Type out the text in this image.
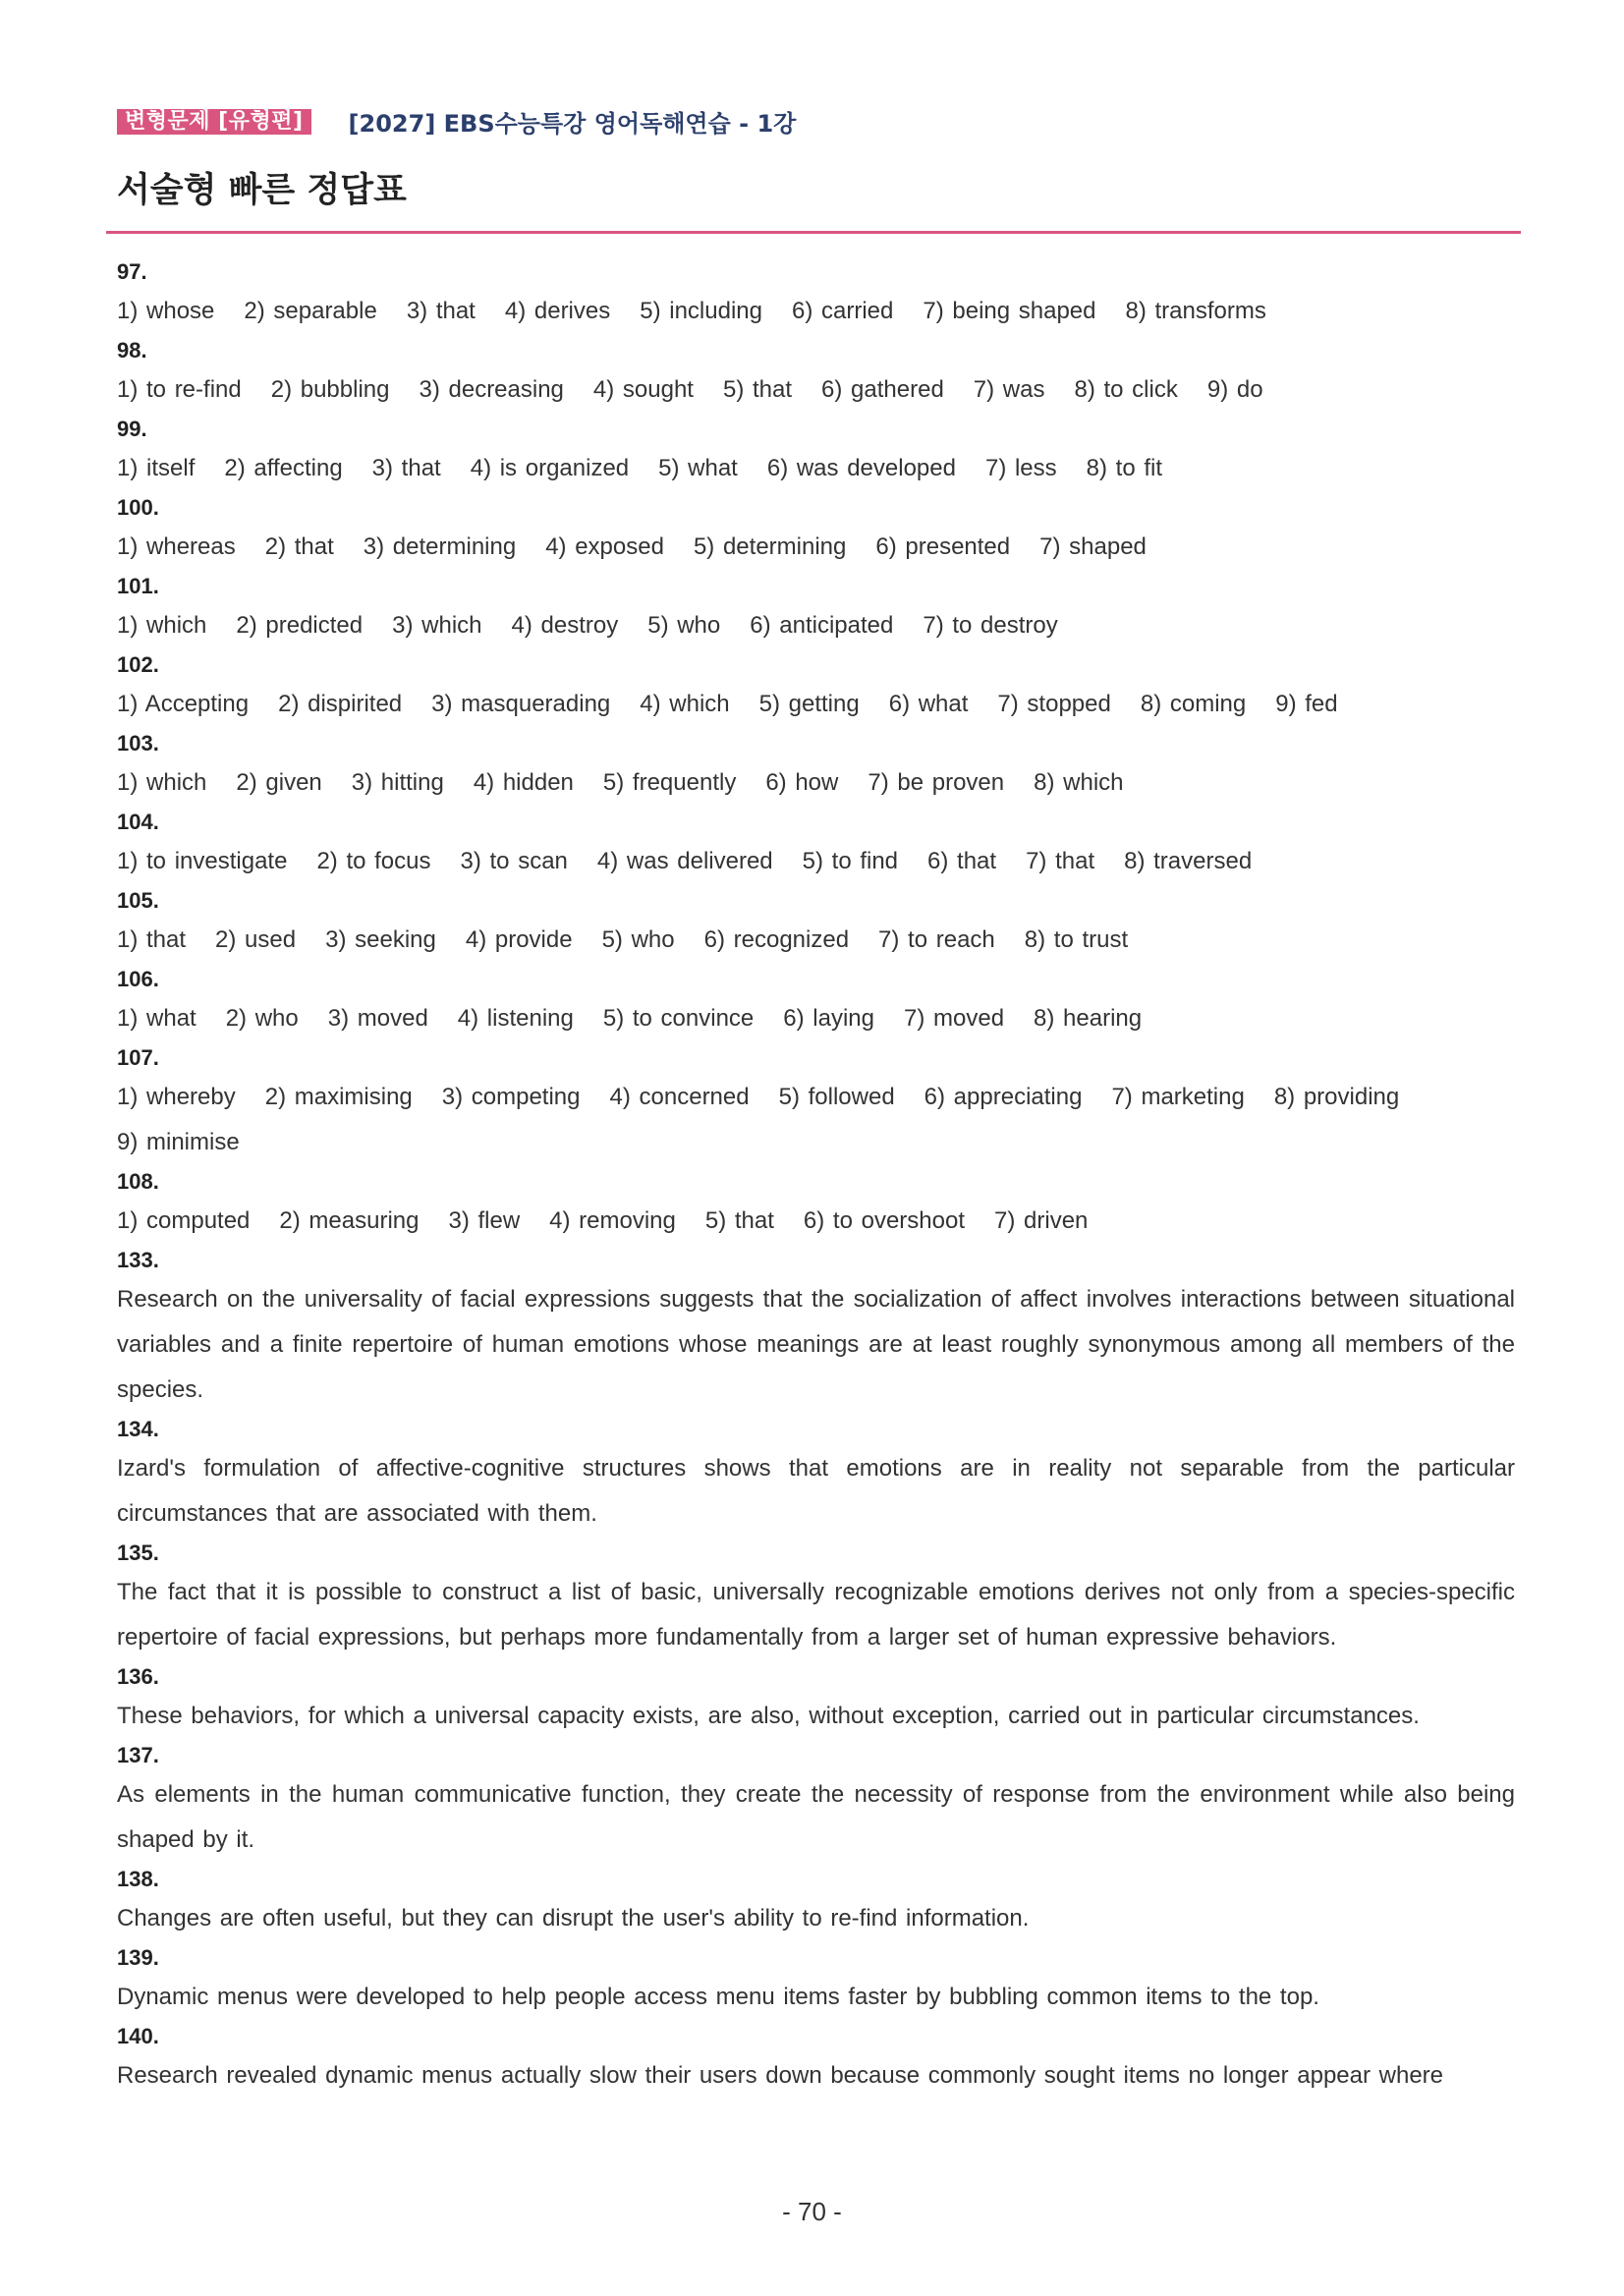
변형문제 [유형편]	[2027] EBS수능특강 영어독해연습 - 1강
서술형 빠른 정답표
97.
1) whose 2) separable 3) that 4) derives 5) including 6) carried 7) being shaped 8) transforms
98.
1) to re-find 2) bubbling 3) decreasing 4) sought 5) that 6) gathered 7) was 8) to click 9) do
99.
1) itself 2) affecting 3) that 4) is organized 5) what 6) was developed 7) less 8) to fit
100.
1) whereas 2) that 3) determining 4) exposed 5) determining 6) presented 7) shaped
101.
1) which 2) predicted 3) which 4) destroy 5) who 6) anticipated 7) to destroy
102.
1) Accepting 2) dispirited 3) masquerading 4) which 5) getting 6) what 7) stopped 8) coming 9) fed
103.
1) which 2) given 3) hitting 4) hidden 5) frequently 6) how 7) be proven 8) which
104.
1) to investigate 2) to focus 3) to scan 4) was delivered 5) to find 6) that 7) that 8) traversed
105.
1) that 2) used 3) seeking 4) provide 5) who 6) recognized 7) to reach 8) to trust
106.
1) what 2) who 3) moved 4) listening 5) to convince 6) laying 7) moved 8) hearing
107.
1) whereby 2) maximising 3) competing 4) concerned 5) followed 6) appreciating 7) marketing 8) providing9) minimise
108.
1) computed 2) measuring 3) flew 4) removing 5) that 6) to overshoot 7) driven
133.
Research on the universality of facial expressions suggests that the socialization of affect involves interactions between situational variables and a finite repertoire of human emotions whose meanings are at least roughly synonymous among all members of the species.
134.
Izard's formulation of affective-cognitive structures shows that emotions are in reality not separable from the particular circumstances that are associated with them.
135.
The fact that it is possible to construct a list of basic, universally recognizable emotions derives not only from a species-specific repertoire of facial expressions, but perhaps more fundamentally from a larger set of human expressive behaviors.
136.
These behaviors, for which a universal capacity exists, are also, without exception, carried out in particular circumstances.
137.
As elements in the human communicative function, they create the necessity of response from the environment while also being shaped by it.
138.
Changes are often useful, but they can disrupt the user's ability to re-find information.
139.
Dynamic menus were developed to help people access menu items faster by bubbling common items to the top.
140.
Research revealed dynamic menus actually slow their users down because commonly sought items no longer appear where
- 70 -
